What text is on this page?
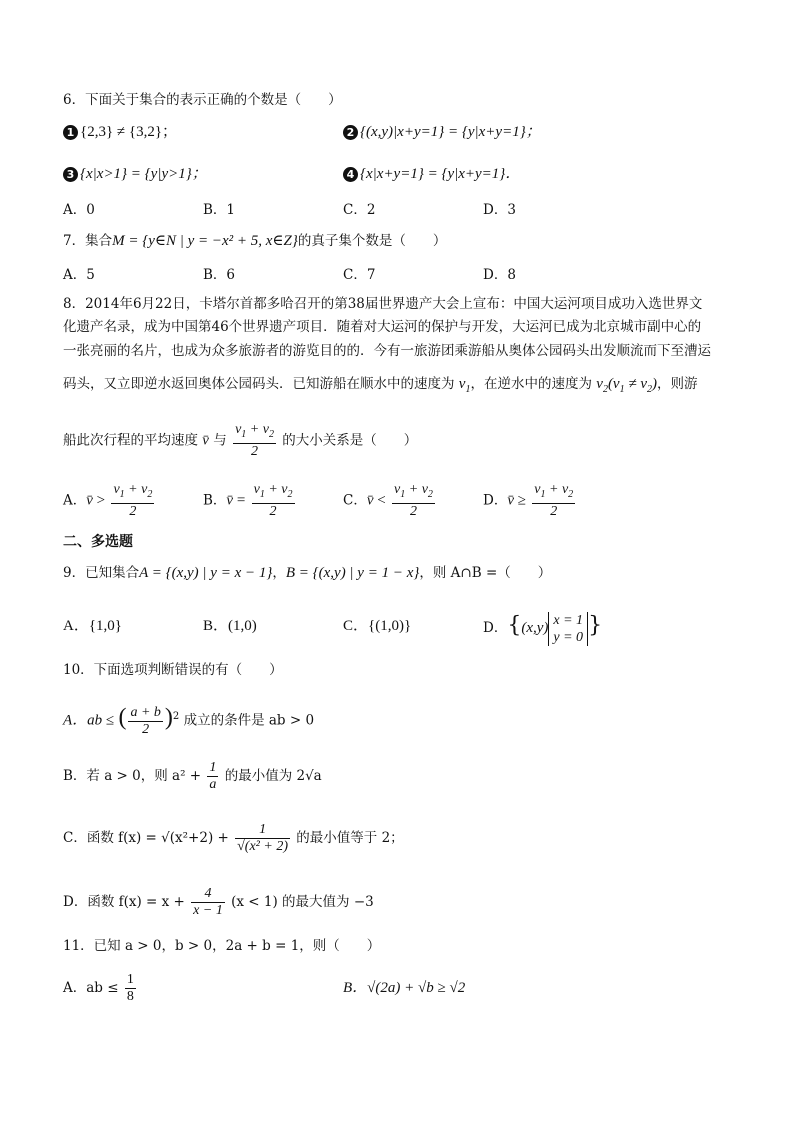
6．下面关于集合的表示正确的个数是（　　）
1 {2,3} ≠ {3,2}；	2 {(x,y)|x+y=1} = {y|x+y=1}；
3 {x|x>1} = {y|y>1}；	4 {x|x+y=1} = {y|x+y=1}．
A．0	B．1	C．2	D．3
7．集合M = {y∈N | y = −x² + 5, x∈Z}的真子集个数是（　　）
A．5	B．6	C．7	D．8
8．2014年6月22日，卡塔尔首都多哈召开的第38届世界遗产大会上宣布：中国大运河项目成功入选世界文
化遗产名录，成为中国第46个世界遗产项目．随着对大运河的保护与开发，大运河已成为北京城市副中心的
一张亮丽的名片，也成为众多旅游者的游览目的的．今有一旅游团乘游船从奥体公园码头出发顺流而下至漕运
码头，又立即逆水返回奥体公园码头．已知游船在顺水中的速度为 $v_1$，在逆水中的速度为 $v_2(v_1 \ne v_2)$，则游
船此次行程的平均速度 v̄ 与 $\frac{v_1 + v_2}{2}$ 的大小关系是（　　）
A．v̄ > $\frac{v_1 + v_2}{2}$	B．v̄ = $\frac{v_1 + v_2}{2}$	C．v̄ < $\frac{v_1 + v_2}{2}$	D．v̄ ≥ $\frac{v_1 + v_2}{2}$
二、多选题
9．已知集合A = {(x,y) | y = x − 1}，B = {(x,y) | y = 1 − x}，则 A∩B =（　　）
A．{1,0}	B．(1,0)	C．{(1,0)}	D．{(x,y) x = 1
y = 0 }
10．下面选项判断错误的有（　　）
A．ab ≤ ( $\frac{a + b}{2} )^2$ 成立的条件是 ab > 0
B．若 a > 0，则 $a^2 + \frac{1}{a}$ 的最小值为 2√a
C．函数 $f(x) = √(x^2+2) + \frac{1}{\text{√(x² + 2)}}$ 的最小值等于 2；
D．函数 $f(x) = x + \frac{4}{x - 1} (x < 1)$ 的最大值为 −3
11．已知 a > 0，b > 0，2a + b = 1，则（　　）
A．ab ≤ $\frac{1}{8}$	B．√(2a) + √b ≥ √2
